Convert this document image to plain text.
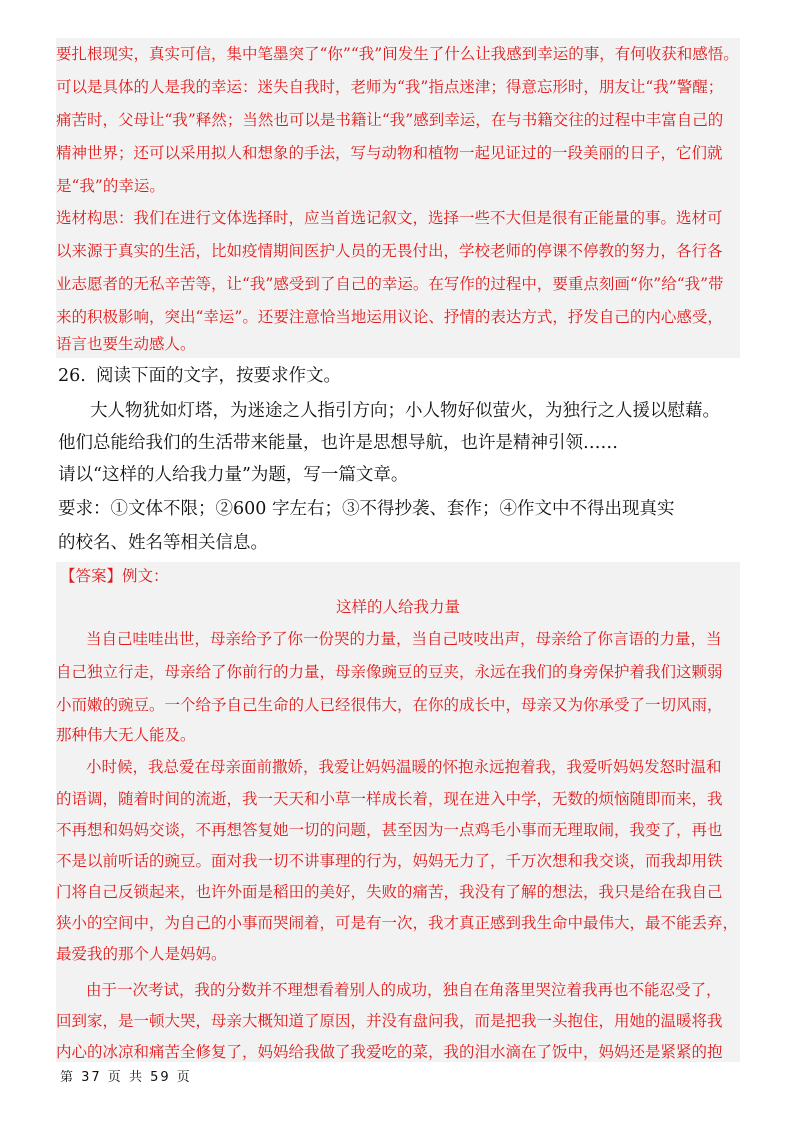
要扎根现实，真实可信，集中笔墨突了“你”“我”间发生了什么让我感到幸运的事，有何收获和感悟。
可以是具体的人是我的幸运：迷失自我时，老师为“我”指点迷津；得意忘形时，朋友让“我”警醒；
痛苦时，父母让“我”释然；当然也可以是书籍让“我”感到幸运，在与书籍交往的过程中丰富自己的
精神世界；还可以采用拟人和想象的手法，写与动物和植物一起见证过的一段美丽的日子，它们就
是“我”的幸运。
选材构思：我们在进行文体选择时，应当首选记叙文，选择一些不大但是很有正能量的事。选材可
以来源于真实的生活，比如疫情期间医护人员的无畏付出，学校老师的停课不停教的努力，各行各
业志愿者的无私辛苦等，让“我”感受到了自己的幸运。在写作的过程中，要重点刻画“你”给“我”带
来的积极影响，突出“幸运”。还要注意恰当地运用议论、抒情的表达方式，抒发自己的内心感受，
语言也要生动感人。
26. 阅读下面的文字，按要求作文。
大人物犹如灯塔，为迷途之人指引方向；小人物好似萤火，为独行之人援以慰藉。
他们总能给我们的生活带来能量，也许是思想导航，也许是精神引领……
请以“这样的人给我力量”为题，写一篇文章。
要求：①文体不限；②600 字左右；③不得抄袭、套作；④作文中不得出现真实
的校名、姓名等相关信息。
【答案】例文：
这样的人给我力量
当自己哇哇出世，母亲给予了你一份哭的力量，当自己吱吱出声，母亲给了你言语的力量，当
自己独立行走，母亲给了你前行的力量，母亲像豌豆的豆夹，永远在我们的身旁保护着我们这颗弱
小而嫩的豌豆。一个给予自己生命的人已经很伟大，在你的成长中，母亲又为你承受了一切风雨，
那种伟大无人能及。
小时候，我总爱在母亲面前撒娇，我爱让妈妈温暖的怀抱永远抱着我，我爱听妈妈发怒时温和
的语调，随着时间的流逝，我一天天和小草一样成长着，现在进入中学，无数的烦恼随即而来，我
不再想和妈妈交谈，不再想答复她一切的问题，甚至因为一点鸡毛小事而无理取闹，我变了，再也
不是以前听话的豌豆。面对我一切不讲事理的行为，妈妈无力了，千万次想和我交谈，而我却用铁
门将自己反锁起来，也许外面是稻田的美好，失败的痛苦，我没有了解的想法，我只是给在我自己
狭小的空间中，为自己的小事而哭闹着，可是有一次，我才真正感到我生命中最伟大，最不能丢弃，
最爱我的那个人是妈妈。
由于一次考试，我的分数并不理想看着别人的成功，独自在角落里哭泣着我再也不能忍受了，
回到家，是一顿大哭，母亲大概知道了原因，并没有盘问我，而是把我一头抱住，用她的温暖将我
内心的冰凉和痛苦全修复了，妈妈给我做了我爱吃的菜，我的泪水滴在了饭中，妈妈还是紧紧的抱
第 37 页 共 59 页
